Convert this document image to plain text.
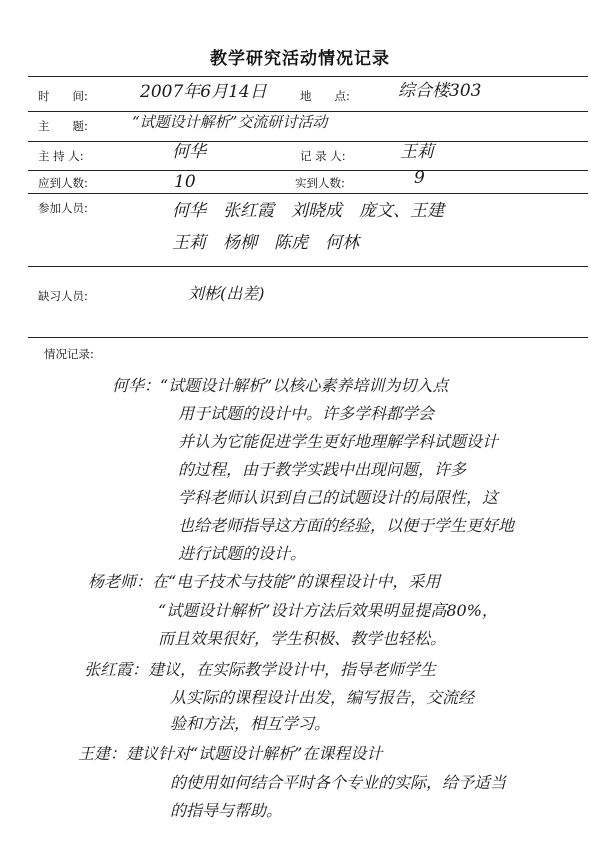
教学研究活动情况记录
时　　间:	2007年6月14日	地　　点:	综合楼303
主　　题:	“试题设计解析”交流研讨活动
主 持 人:	何华	记 录 人:	王莉
应到人数:	10	实到人数:	9
参加人员:	何华　张红霞　刘晓成　庞文、王建
王莉　杨柳　陈虎　何林
缺习人员:	刘彬(出差)
情况记录:
何华：“试题设计解析”以核心素养培训为切入点
用于试题的设计中。许多学科都学会
并认为它能促进学生更好地理解学科试题设计
的过程，由于教学实践中出现问题，许多
学科老师认识到自己的试题设计的局限性，这
也给老师指导这方面的经验，以便于学生更好地
进行试题的设计。
杨老师：在“电子技术与技能”的课程设计中，采用
“试题设计解析”设计方法后效果明显提高80%，
而且效果很好，学生积极、教学也轻松。
张红霞：建议，在实际教学设计中，指导老师学生
从实际的课程设计出发，编写报告，交流经
验和方法，相互学习。
王建：建议针对“试题设计解析”在课程设计
的使用如何结合平时各个专业的实际，给予适当
的指导与帮助。
